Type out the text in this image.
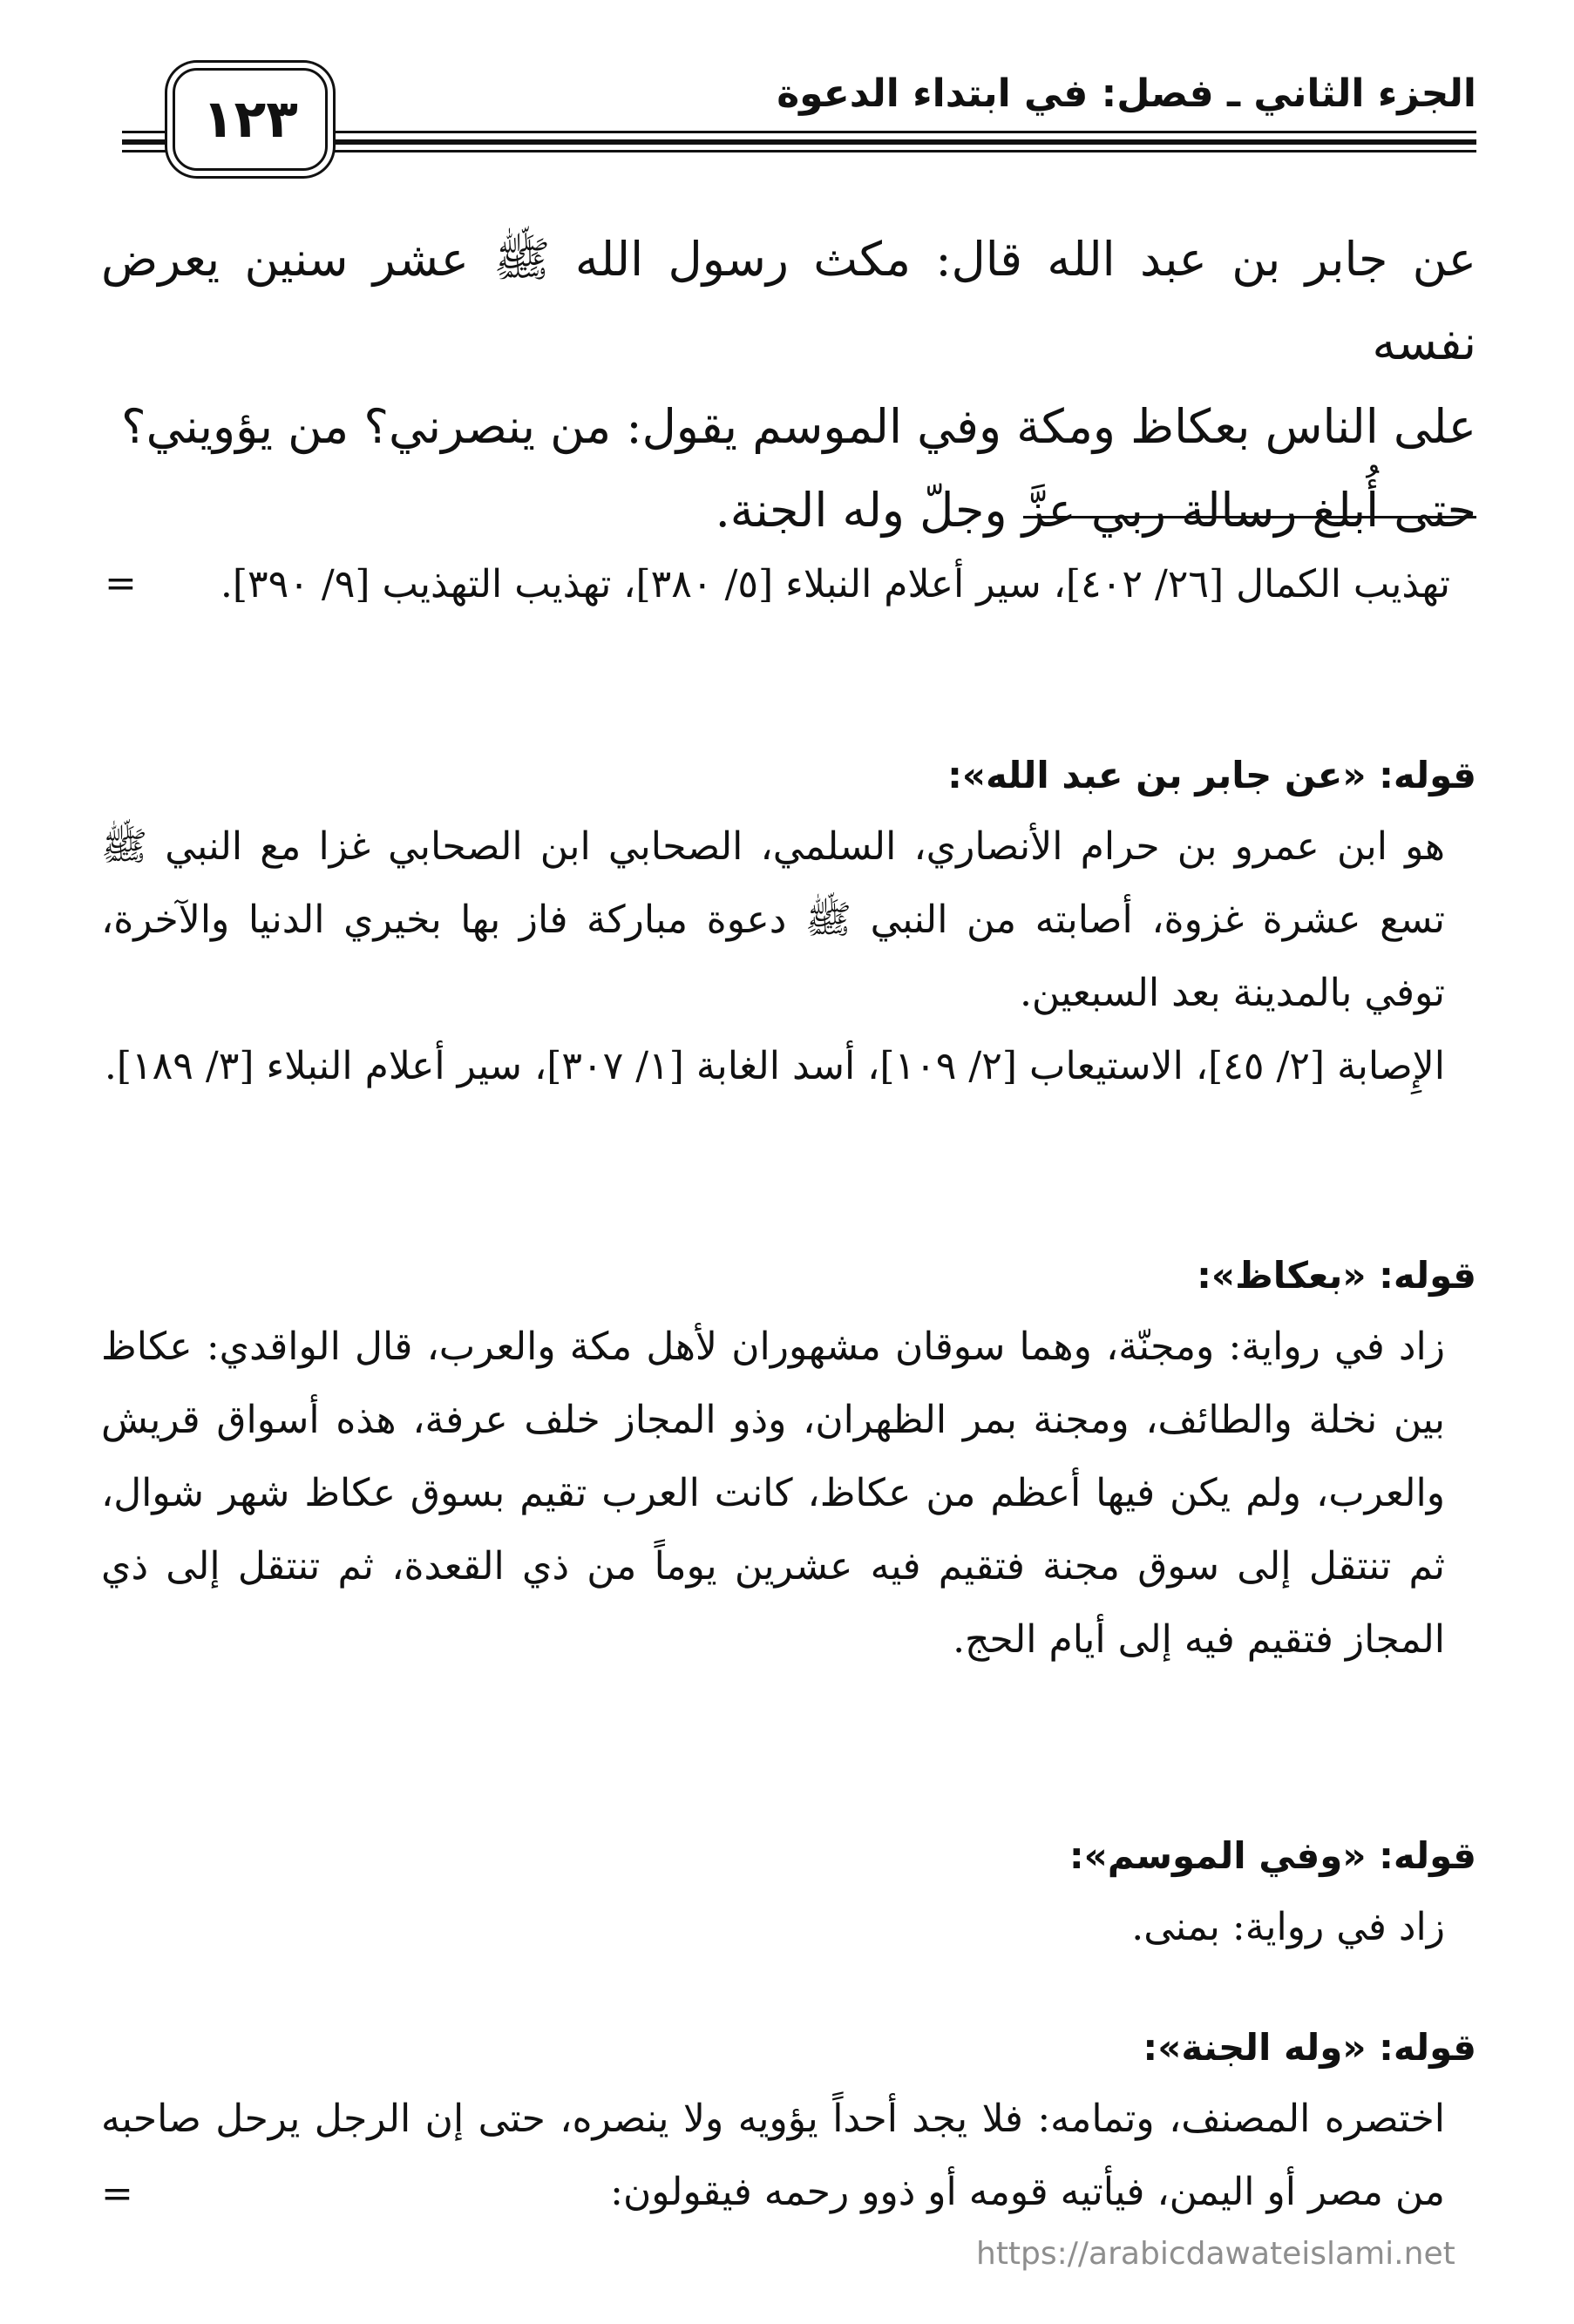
الجزء الثاني ـ فصل: في ابتداء الدعوة
١٢٣

عن جابر بن عبد الله قال: مكث رسول الله ﷺ عشر سنين يعرض نفسه

على الناس بعكاظ ومكة وفي الموسم يقول: من ينصرني؟ من يؤويني؟

حتى أُبلغ رسالة ربي عزَّ وجلّ وله الجنة.

=	تهذيب الكمال [٢٦/ ٤٠٢]، سير أعلام النبلاء [٥/ ٣٨٠]، تهذيب التهذيب [٩/ ٣٩٠].

قوله: «عن جابر بن عبد الله»:

هو ابن عمرو بن حرام الأنصاري، السلمي، الصحابي ابن الصحابي غزا مع النبي ﷺ تسع عشرة غزوة، أصابته من النبي ﷺ دعوة مباركة فاز بها بخيري الدنيا والآخرة، توفي بالمدينة بعد السبعين.

الإِصابة [٢/ ٤٥]، الاستيعاب [٢/ ١٠٩]، أسد الغابة [١/ ٣٠٧]، سير أعلام النبلاء [٣/ ١٨٩].

قوله: «بعكاظ»:

زاد في رواية: ومجنّة، وهما سوقان مشهوران لأهل مكة والعرب، قال الواقدي: عكاظ بين نخلة والطائف، ومجنة بمر الظهران، وذو المجاز خلف عرفة، هذه أسواق قريش والعرب، ولم يكن فيها أعظم من عكاظ، كانت العرب تقيم بسوق عكاظ شهر شوال، ثم تنتقل إلى سوق مجنة فتقيم فيه عشرين يوماً من ذي القعدة، ثم تنتقل إلى ذي المجاز فتقيم فيه إلى أيام الحج.

قوله: «وفي الموسم»:

زاد في رواية: بمنى.

قوله: «وله الجنة»:

اختصره المصنف، وتمامه: فلا يجد أحداً يؤويه ولا ينصره، حتى إن الرجل يرحل صاحبه من مصر أو اليمن، فيأتيه قومه أو ذوو رحمه فيقولون:

=
https://arabicdawateislami.net
